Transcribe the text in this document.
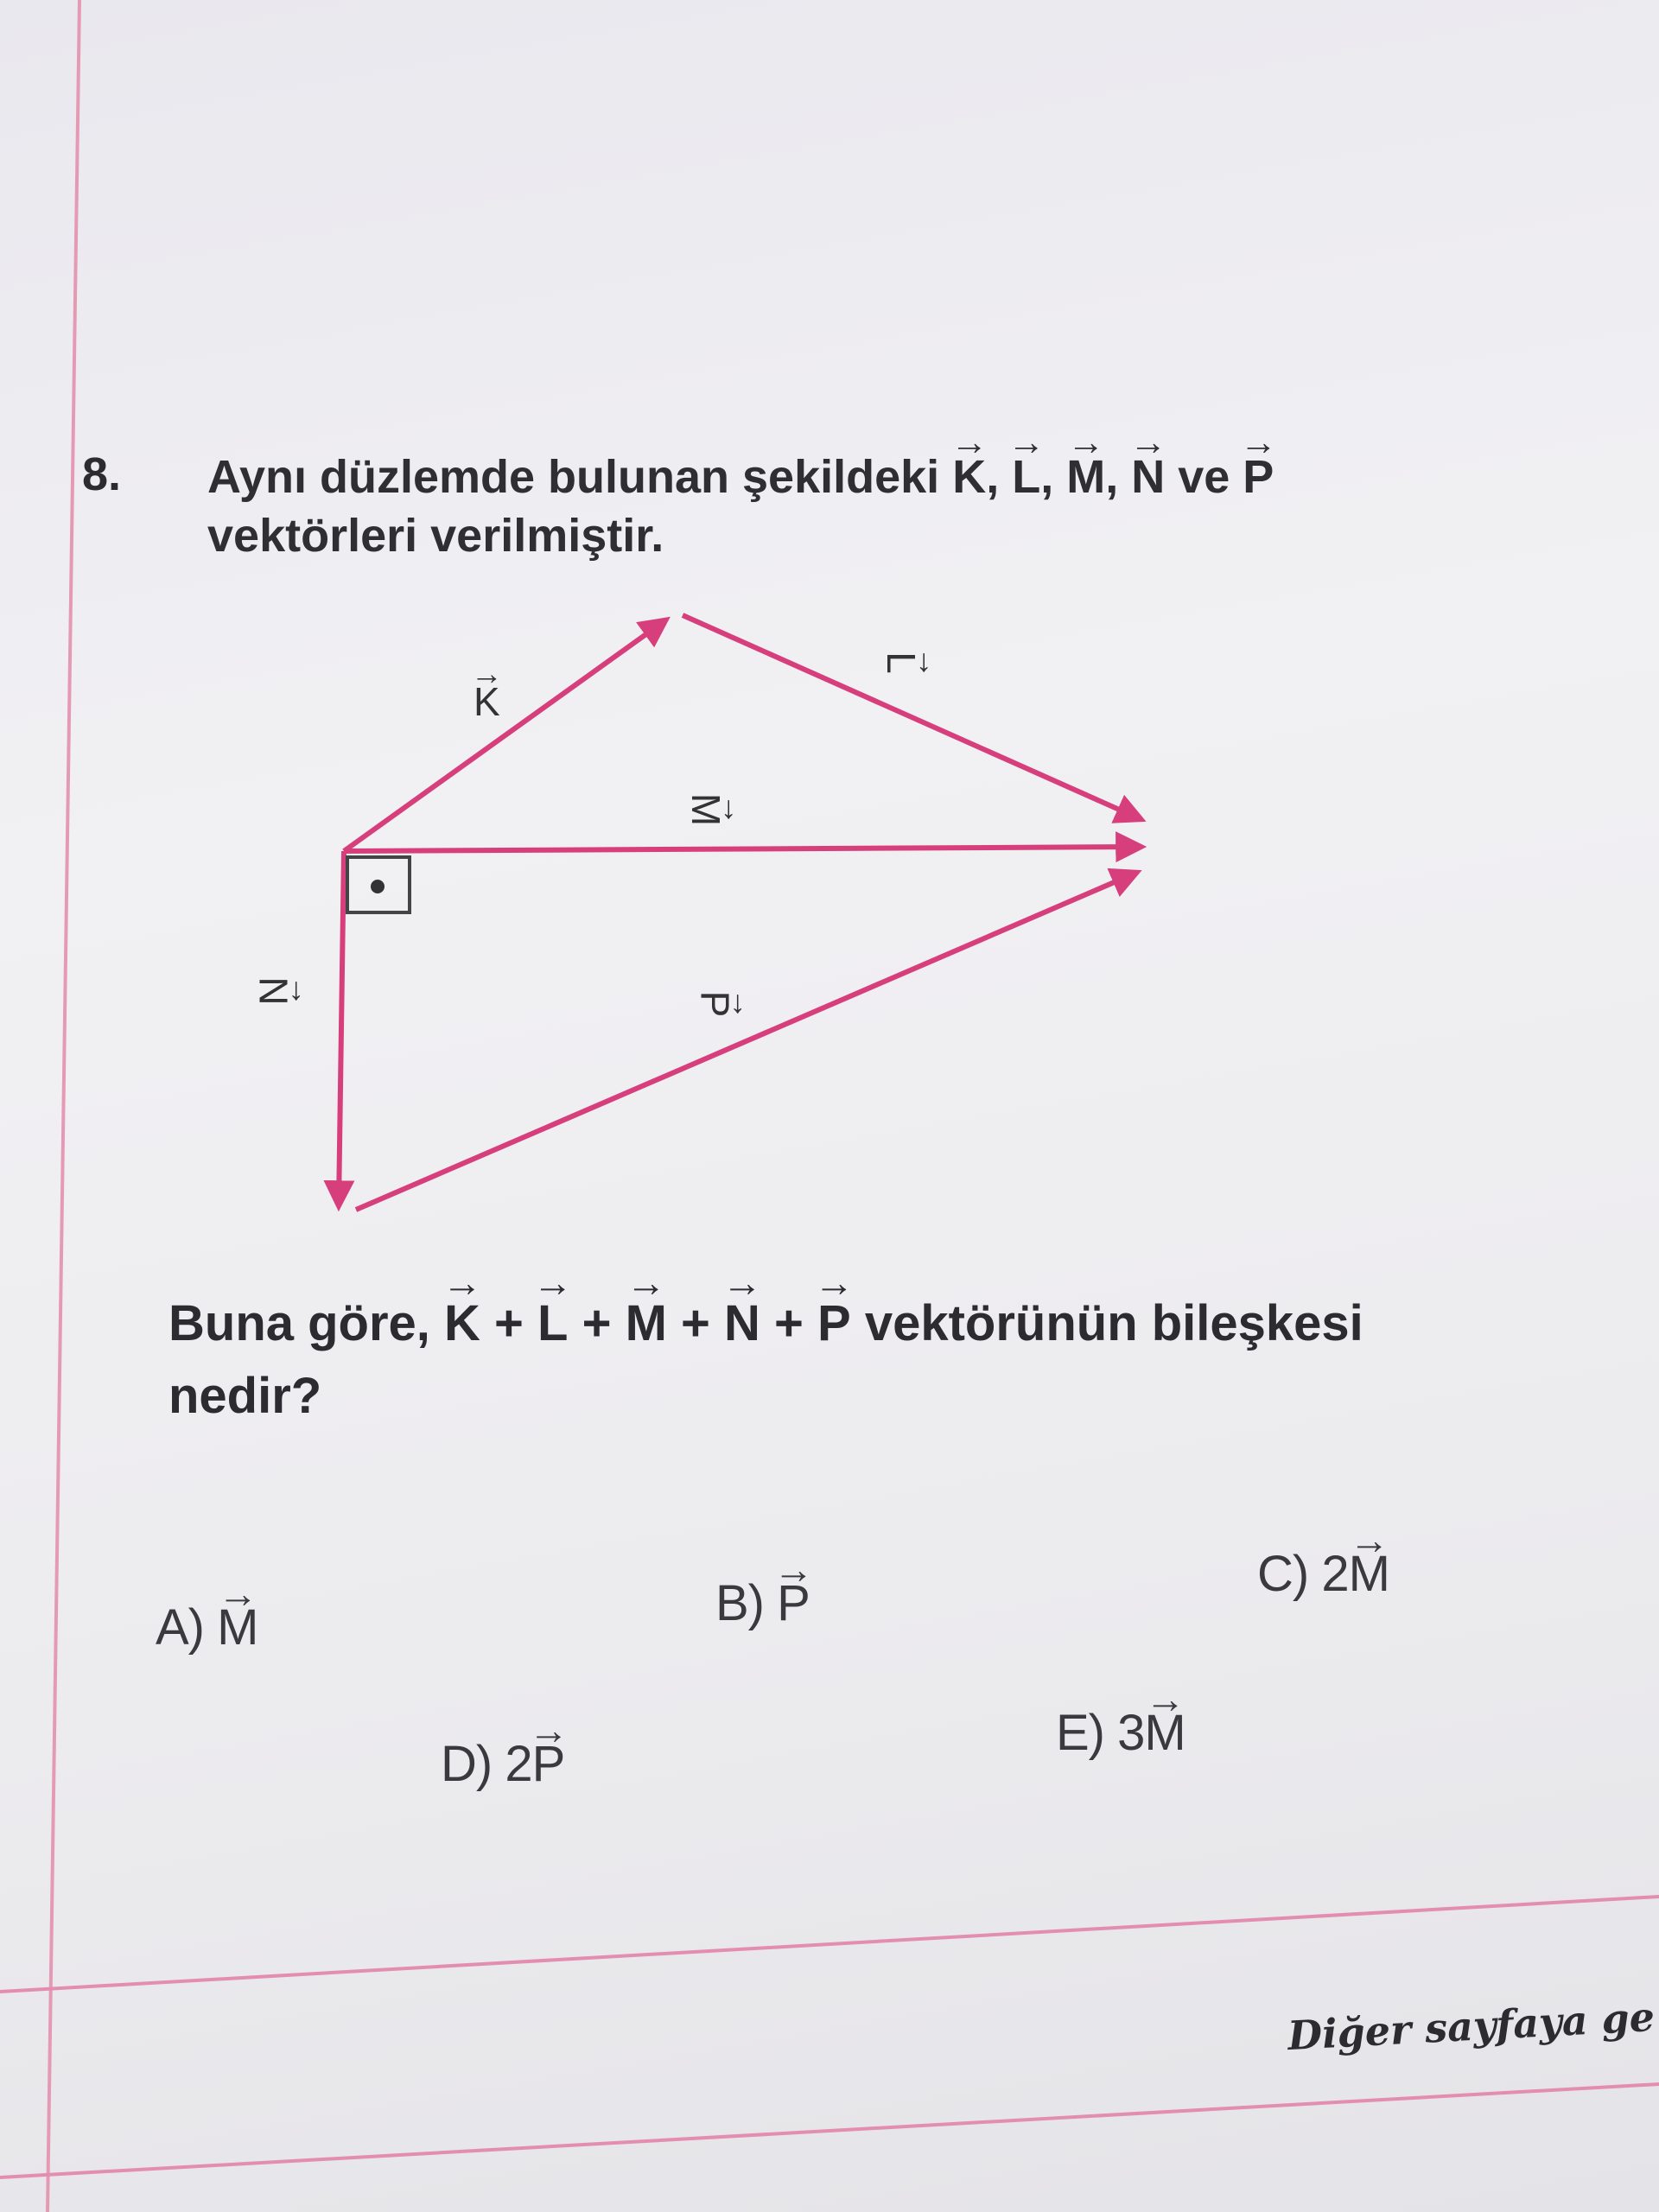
8. Aynı düzlemde bulunan şekildeki → K, → L, → M, → N ve → P
vektörleri verilmiştir.
→ K
→ L
→ M
→ N	→ P
Buna göre, → K + → L + → M + → N + → P vektörünün bileşkesi
nedir?
A) → M	B) → P
C) 2→ M
D) 2→ P
E) 3→ M
Diğer sayfaya ge
